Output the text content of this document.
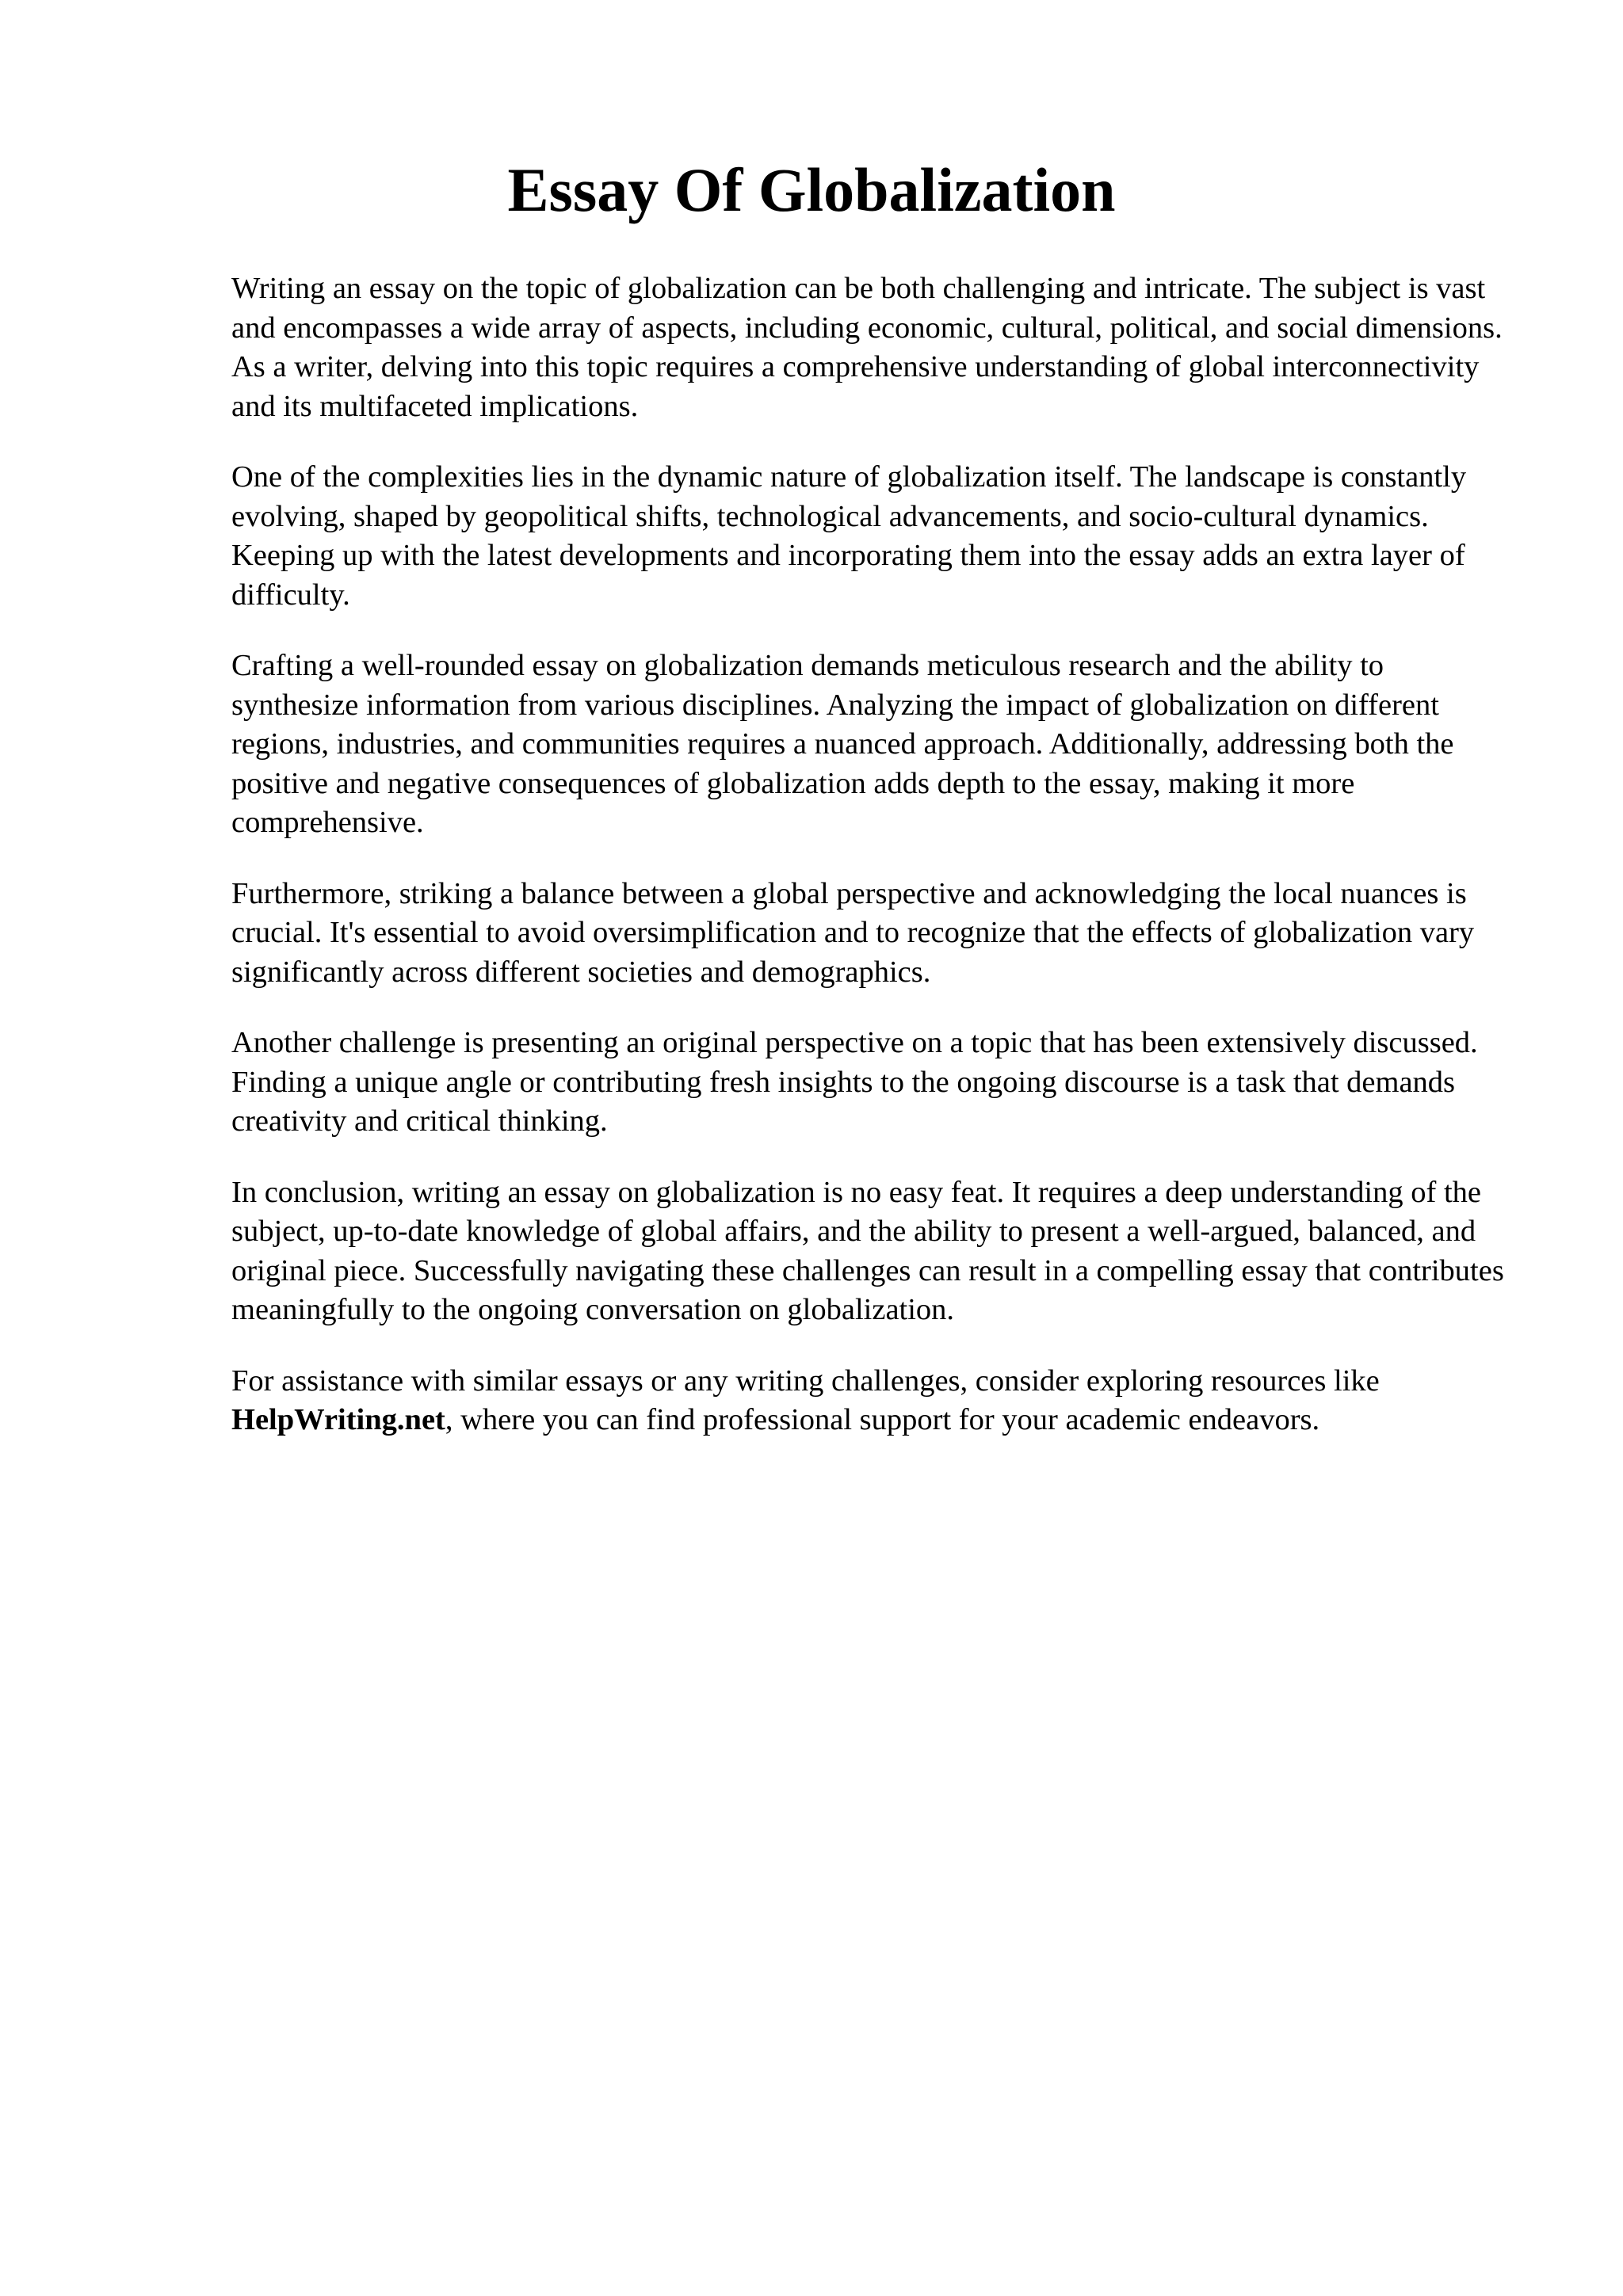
Essay Of Globalization

Writing an essay on the topic of globalization can be both challenging and intricate. The subject is vast and encompasses a wide array of aspects, including economic, cultural, political, and social dimensions. As a writer, delving into this topic requires a comprehensive understanding of global interconnectivity and its multifaceted implications.

One of the complexities lies in the dynamic nature of globalization itself. The landscape is constantly evolving, shaped by geopolitical shifts, technological advancements, and socio-cultural dynamics. Keeping up with the latest developments and incorporating them into the essay adds an extra layer of difficulty.

Crafting a well-rounded essay on globalization demands meticulous research and the ability to synthesize information from various disciplines. Analyzing the impact of globalization on different regions, industries, and communities requires a nuanced approach. Additionally, addressing both the positive and negative consequences of globalization adds depth to the essay, making it more comprehensive.

Furthermore, striking a balance between a global perspective and acknowledging the local nuances is crucial. It's essential to avoid oversimplification and to recognize that the effects of globalization vary significantly across different societies and demographics.

Another challenge is presenting an original perspective on a topic that has been extensively discussed. Finding a unique angle or contributing fresh insights to the ongoing discourse is a task that demands creativity and critical thinking.

In conclusion, writing an essay on globalization is no easy feat. It requires a deep understanding of the subject, up-to-date knowledge of global affairs, and the ability to present a well-argued, balanced, and original piece. Successfully navigating these challenges can result in a compelling essay that contributes meaningfully to the ongoing conversation on globalization.

For assistance with similar essays or any writing challenges, consider exploring resources like HelpWriting.net, where you can find professional support for your academic endeavors.
